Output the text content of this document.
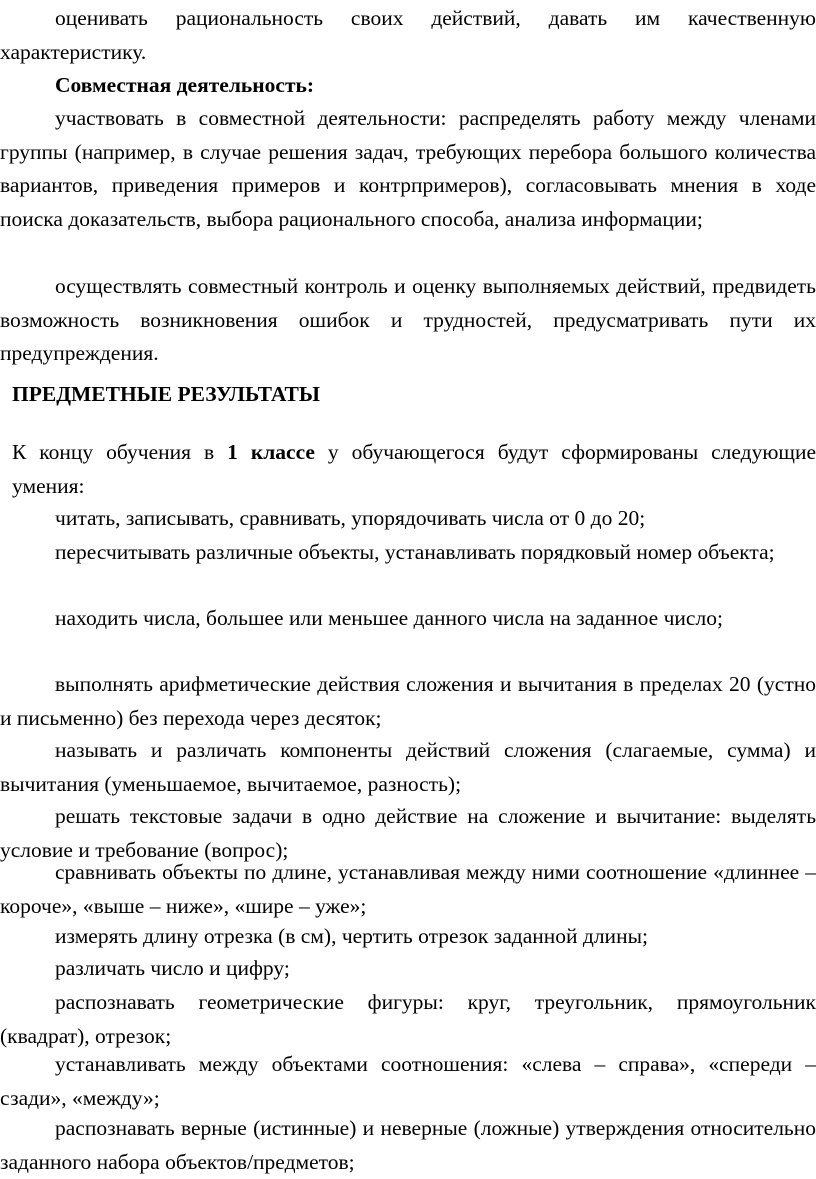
оценивать рациональность своих действий, давать им качественную характеристику.

Совместная деятельность:

участвовать в совместной деятельности: распределять работу между членами группы (например, в случае решения задач, требующих перебора большого количества вариантов, приведения примеров и контрпримеров), согласовывать мнения в ходе поиска доказательств, выбора рационального способа, анализа информации;

осуществлять совместный контроль и оценку выполняемых действий, предвидеть возможность возникновения ошибок и трудностей, предусматривать пути их предупреждения.

ПРЕДМЕТНЫЕ РЕЗУЛЬТАТЫ

К концу обучения в 1 классе у обучающегося будут сформированы следующие умения:

читать, записывать, сравнивать, упорядочивать числа от 0 до 20;

пересчитывать различные объекты, устанавливать порядковый номер объекта;

находить числа, большее или меньшее данного числа на заданное число;

выполнять арифметические действия сложения и вычитания в пределах 20 (устно и письменно) без перехода через десяток;

называть и различать компоненты действий сложения (слагаемые, сумма) и вычитания (уменьшаемое, вычитаемое, разность);

решать текстовые задачи в одно действие на сложение и вычитание: выделять условие и требование (вопрос);

сравнивать объекты по длине, устанавливая между ними соотношение «длиннее – короче», «выше – ниже», «шире – уже»;

измерять длину отрезка (в см), чертить отрезок заданной длины;

различать число и цифру;

распознавать геометрические фигуры: круг, треугольник, прямоугольник (квадрат), отрезок;

устанавливать между объектами соотношения: «слева – справа», «спереди – сзади», «между»;

распознавать верные (истинные) и неверные (ложные) утверждения относительно заданного набора объектов/предметов;
